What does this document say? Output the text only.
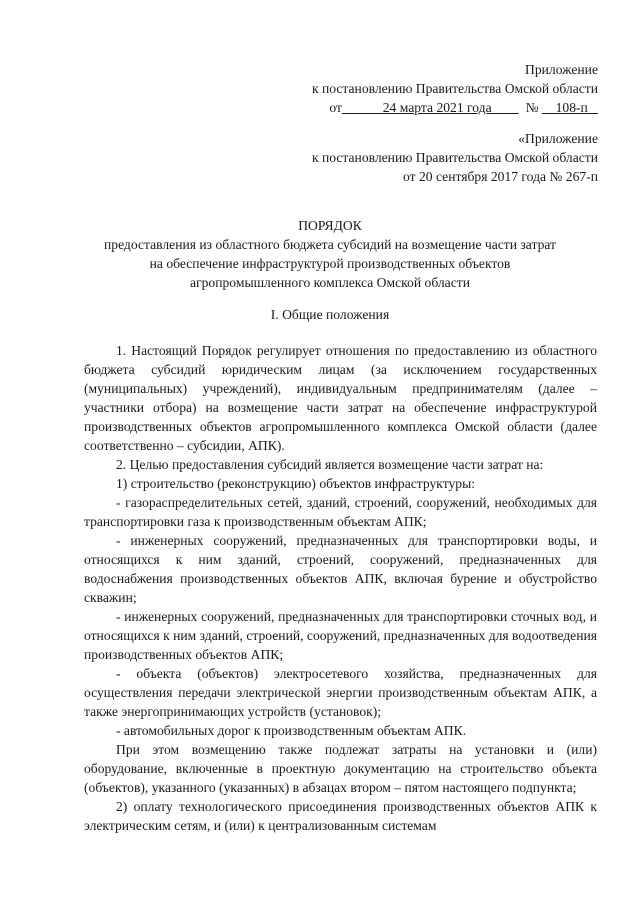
Приложение
к постановлению Правительства Омской области
от	24 марта 2021 года № 108-п
«Приложение
к постановлению Правительства Омской области
от 20 сентября 2017 года № 267-п
ПОРЯДОК
предоставления из областного бюджета субсидий на возмещение части затрат
на обеспечение инфраструктурой производственных объектов
агропромышленного комплекса Омской области
I. Общие положения

1. Настоящий Порядок регулирует отношения по предоставлению из областного бюджета субсидий юридическим лицам (за исключением государственных (муниципальных) учреждений), индивидуальным предпринимателям (далее – участники отбора) на возмещение части затрат на обеспечение инфраструктурой производственных объектов агропромышленного комплекса Омской области (далее соответственно – субсидии, АПК).

2. Целью предоставления субсидий является возмещение части затрат на:

1) строительство (реконструкцию) объектов инфраструктуры:

- газораспределительных сетей, зданий, строений, сооружений, необходимых для транспортировки газа к производственным объектам АПК;

- инженерных сооружений, предназначенных для транспортировки воды, и относящихся к ним зданий, строений, сооружений, предназначенных для водоснабжения производственных объектов АПК, включая бурение и обустройство скважин;

- инженерных сооружений, предназначенных для транспортировки сточных вод, и относящихся к ним зданий, строений, сооружений, предназначенных для водоотведения производственных объектов АПК;

- объекта (объектов) электросетевого хозяйства, предназначенных для осуществления передачи электрической энергии производственным объектам АПК, а также энергопринимающих устройств (установок);

- автомобильных дорог к производственным объектам АПК.

При этом возмещению также подлежат затраты на установки и (или) оборудование, включенные в проектную документацию на строительство объекта (объектов), указанного (указанных) в абзацах втором – пятом настоящего подпункта;

2) оплату технологического присоединения производственных объектов АПК к электрическим сетям, и (или) к централизованным системам
